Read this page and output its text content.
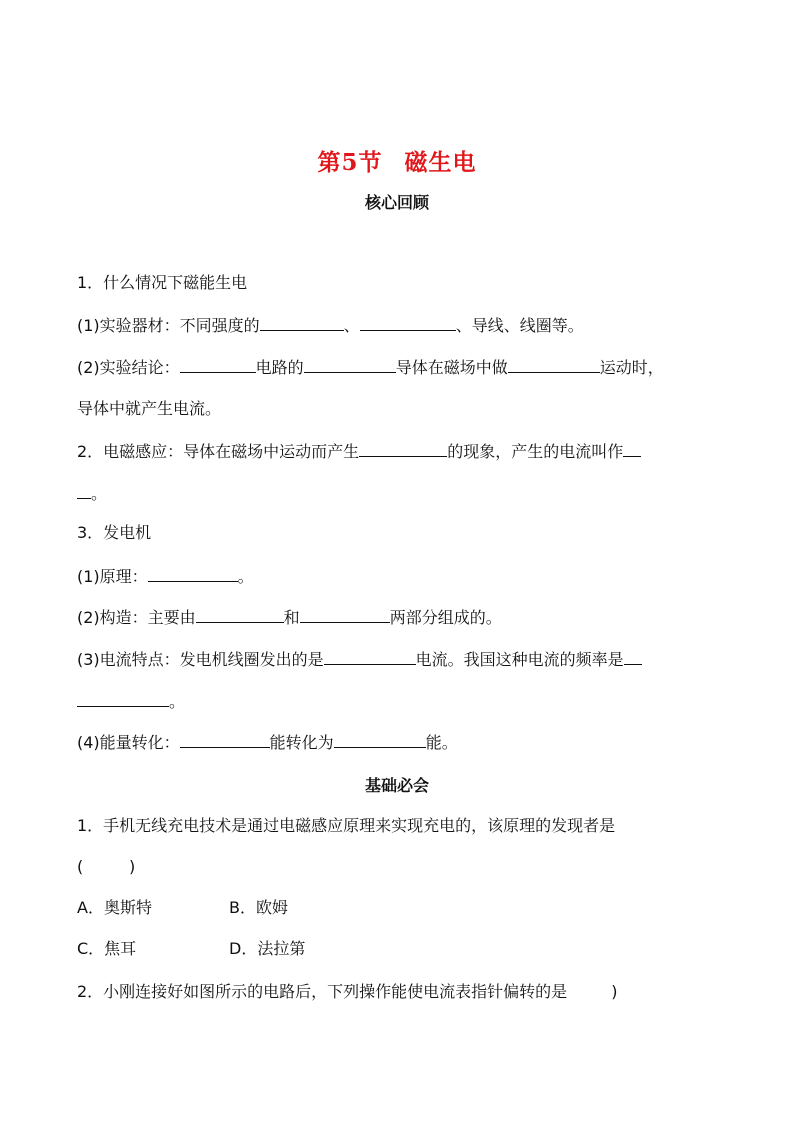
第5节 磁生电
核心回顾
1．什么情况下磁能生电
(1)实验器材：不同强度的	、	、导线、线圈等。
(2)实验结论：	电路的	导体在磁场中做	运动时，
导体中就产生电流。
2．电磁感应：导体在磁场中运动而产生	的现象，产生的电流叫作
。
3．发电机
(1)原理：	。
(2)构造：主要由	和	两部分组成的。
(3)电流特点：发电机线圈发出的是	电流。我国这种电流的频率是
。
(4)能量转化：	能转化为	能。
基础必会
1．手机无线充电技术是通过电磁感应原理来实现充电的，该原理的发现者是
(	)
A．奥斯特	B．欧姆
C．焦耳	D．法拉第
2．小刚连接好如图所示的电路后，下列操作能使电流表指针偏转的是	)
